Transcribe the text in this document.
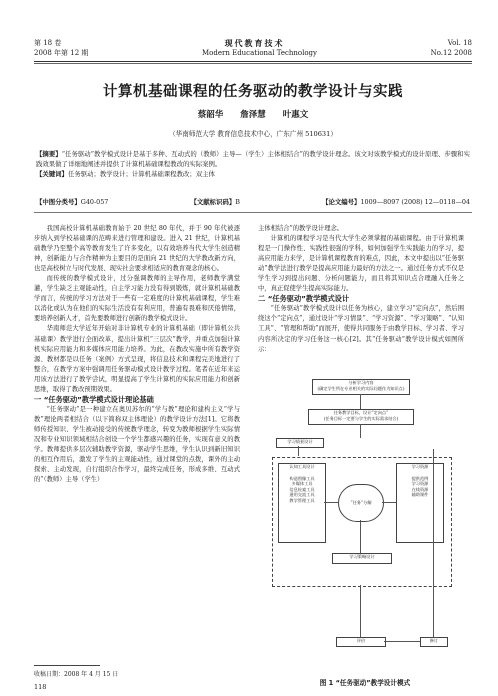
第 18 卷	现代教育技术	Vol. 18
2008 年第 12 期	Modern Educational Technology	No.12 2008
计算机基础课程的任务驱动的教学设计与实践
蔡韶华 詹泽慧 叶惠文
（华南师范大学 教育信息技术中心，广东广州 510631）
【摘要】“任务驱动”教学模式设计是基于多种、互动式的（教师）主导—（学生）主体相结合”的教学设计理念。该文对该教学模式的设计原理、步骤和实践效果做了详细地阐述并提供了计算机基础课程教改的实际案例。
【关键词】任务驱动；教学设计；计算机基础课程教改；双主体
【中图分类号】G40-057	【文献标识码】B	【论文编号】1009—8097 (2008) 12—0118—04

我国高校计算机基础教育始于 20 世纪 80 年代，并于 90 年代被逐步纳入到学校基础课的范畴来进行管理和建设。进入 21 世纪，计算机基础教学乃至整个高等教育发生了许多变化，以有效培养当代大学生创造精神，创新能力与合作精神为主要目的是面向 21 世纪的大学教改新方向，也是高校树立与时代发展、现实社会要求相适应的教育观念的核心。

而传统的教学模式设计，过分强调教师的主导作用，老师教学满堂灌，学生缺乏主观能动性，自主学习能力没有得到锻炼，就计算机基础教学而言，传统的学习方法对于一些有一定难度的计算机基础课程，学生难以消化或认为在他们的实际生活没有有利应用，普遍有畏难和厌倦情绪，要培养创新人才，首先要教师进行创新的教学模式设计。

华南师范大学近年开始对非计算机专业的计算机基础（即计算机公共基础课）教学进行全面改革，提出计算机“三层次”教学，并重点加强计算机实际应用能力和多媒体应用能力培养。为此，在教改实施中所有教学资源、教材都是以任务（案例）方式呈现，将信息技术和课程完美地进行了整合，在教学方案中强调用任务驱动模式设计教学过程。笔者在近年来运用该方法进行了教学尝试，明显提高了学生计算机的实际应用能力和创新思维，取得了教改预期效果。

一 “任务驱动”教学模式设计理论基础

“任务驱动”是一种建立在奥贝苏尔的“学与教”理论和建构主义“学与教”理论两者相结合（以下简称双主体理论）的教学设计方法[1]。它将教师传授知识、学生被动接受的传统教学理念，转变为教师根据学生实际情况和专业知识领域相结合创设一个学生都感兴趣的任务，实现有意义的教学。教师提供多层次辅助教学资源，驱动学生思维，学生认识到新旧知识的相互作用后，激发了学生的主观能动性，通过课堂的点拨，课外的主动探索、主动发现，自行组织合作学习，最终完成任务，形成多维、互动式的“（教师）主导（学生）

主体相结合”的教学设计理念。

计算机的课程学习是当代大学生必须掌握的基础课程。由于计算机课程是一门操作性、实践性很强的学科，如何加强学生实践能力的学习，提高应用能力来学，是计算机课程教育的难点，因此，本文中提出以“任务驱动”教学法进行教学是提高应用能力最好的方法之一。通过任务方式不仅是学生学习到提出问题、分析问题能力，而且将其知识点合理融入任务之中，真正促使学生提高实际能力。

二 “任务驱动”教学模式设计

“任务驱动”教学模式设计以任务为核心，建立学习“定向点”，然后围绕这个“定向点”，通过设计“学习情景”、“学习资源”、“学习策略”、“认知工具”、“管理和帮助”而展开，使得共同服务于由教学目标、学习者、学习内容所决定的学习任务这一核心[2]。其“任务驱动”教学设计模式如图所示：

分析学习内容
(确定学生所在专业相关的实际问题作为知识点)
任务教学目标，设计“定向点”
(任务目标一定要与学生的实际需求结合)
学习情景设计
认知工具设计
构造图像工具
多媒体工具
信息检索工具
通用交流工具
教学管理工具	“任务”分解
学习资源
提供范例
学习资源
在线资源
辅助课件
学习策略设计
评价	修订
图 1 “任务驱动”教学设计模式
收稿日期：2008 年 4 月 15 日
118
